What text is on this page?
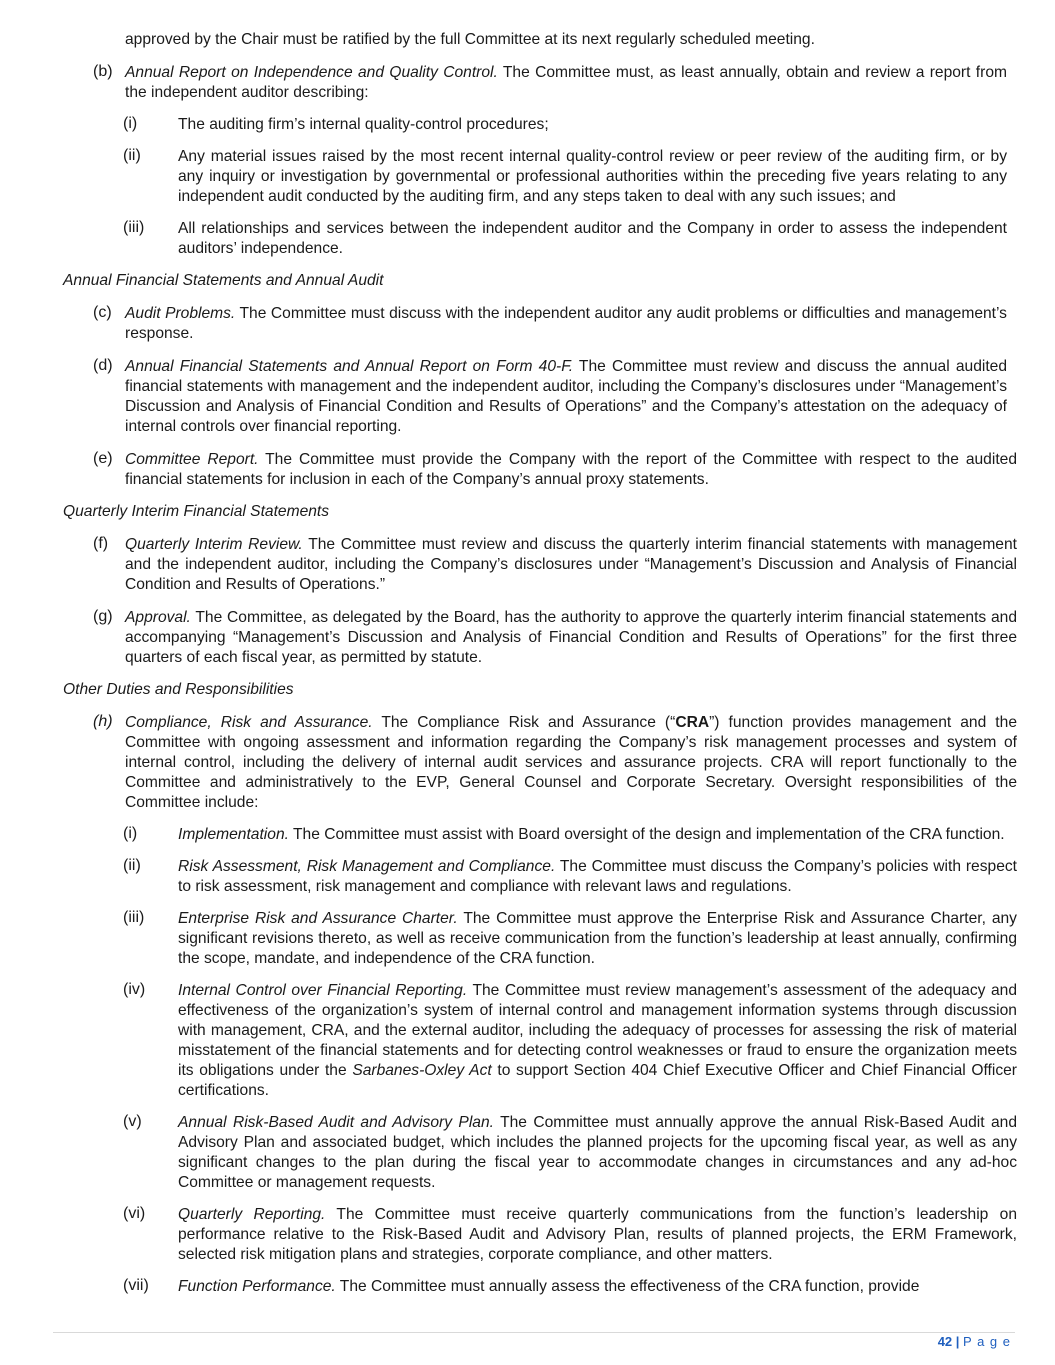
approved by the Chair must be ratified by the full Committee at its next regularly scheduled meeting.

(b) Annual Report on Independence and Quality Control. The Committee must, as least annually, obtain and review a report from the independent auditor describing:

(i)	The auditing firm’s internal quality-control procedures;

(ii) Any material issues raised by the most recent internal quality-control review or peer review of the auditing firm, or by any inquiry or investigation by governmental or professional authorities within the preceding five years relating to any independent audit conducted by the auditing firm, and any steps taken to deal with any such issues; and

(iii) All relationships and services between the independent auditor and the Company in order to assess the independent auditors’ independence.

Annual Financial Statements and Annual Audit

(c) Audit Problems. The Committee must discuss with the independent auditor any audit problems or difficulties and management’s response.

(d) Annual Financial Statements and Annual Report on Form 40-F. The Committee must review and discuss the annual audited financial statements with management and the independent auditor, including the Company’s disclosures under “Management’s Discussion and Analysis of Financial Condition and Results of Operations” and the Company’s attestation on the adequacy of internal controls over financial reporting.

(e) Committee Report. The Committee must provide the Company with the report of the Committee with respect to the audited financial statements for inclusion in each of the Company’s annual proxy statements.

Quarterly Interim Financial Statements

(f) Quarterly Interim Review. The Committee must review and discuss the quarterly interim financial statements with management and the independent auditor, including the Company’s disclosures under “Management’s Discussion and Analysis of Financial Condition and Results of Operations.”

(g) Approval. The Committee, as delegated by the Board, has the authority to approve the quarterly interim financial statements and accompanying “Management’s Discussion and Analysis of Financial Condition and Results of Operations” for the first three quarters of each fiscal year, as permitted by statute.

Other Duties and Responsibilities

(h) Compliance, Risk and Assurance. The Compliance Risk and Assurance (“CRA”) function provides management and the Committee with ongoing assessment and information regarding the Company’s risk management processes and system of internal control, including the delivery of internal audit services and assurance projects. CRA will report functionally to the Committee and administratively to the EVP, General Counsel and Corporate Secretary. Oversight responsibilities of the Committee include:

(i)	Implementation. The Committee must assist with Board oversight of the design and implementation of the CRA function.

(ii) Risk Assessment, Risk Management and Compliance. The Committee must discuss the Company’s policies with respect to risk assessment, risk management and compliance with relevant laws and regulations.

(iii) Enterprise Risk and Assurance Charter. The Committee must approve the Enterprise Risk and Assurance Charter, any significant revisions thereto, as well as receive communication from the function’s leadership at least annually, confirming the scope, mandate, and independence of the CRA function.

(iv) Internal Control over Financial Reporting. The Committee must review management’s assessment of the adequacy and effectiveness of the organization’s system of internal control and management information systems through discussion with management, CRA, and the external auditor, including the adequacy of processes for assessing the risk of material misstatement of the financial statements and for detecting control weaknesses or fraud to ensure the organization meets its obligations under the Sarbanes-Oxley Act to support Section 404 Chief Executive Officer and Chief Financial Officer certifications.

(v) Annual Risk-Based Audit and Advisory Plan. The Committee must annually approve the annual Risk-Based Audit and Advisory Plan and associated budget, which includes the planned projects for the upcoming fiscal year, as well as any significant changes to the plan during the fiscal year to accommodate changes in circumstances and any ad-hoc Committee or management requests.

(vi) Quarterly Reporting. The Committee must receive quarterly communications from the function’s leadership on performance relative to the Risk-Based Audit and Advisory Plan, results of planned projects, the ERM Framework, selected risk mitigation plans and strategies, corporate compliance, and other matters.

(vii) Function Performance. The Committee must annually assess the effectiveness of the CRA function, provide

42 | P a g e
